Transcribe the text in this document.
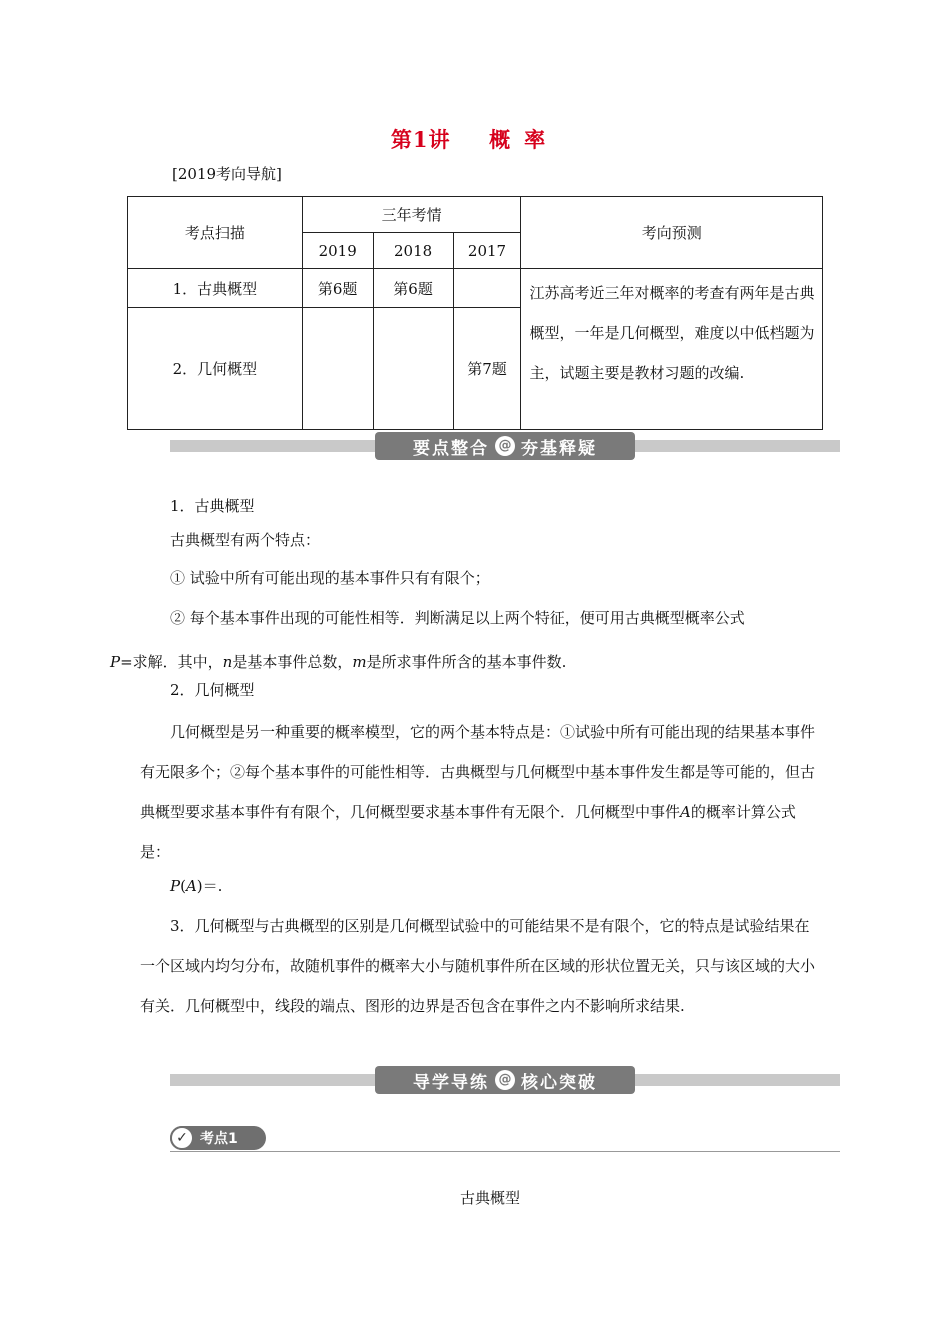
第1讲 概率
[2019考向导航]
考点扫描	三年考情			考向预测
	2019	2018	2017	
1．古典概型	第6题	第6题		江苏高考近三年对概率的考查有两年是古典概型，一年是几何概型，难度以中低档题为主，试题主要是教材习题的改编.
2．几何概型			第7题	
要点整合 @ 夯基释疑
1．古典概型
古典概型有两个特点：
① 试验中所有可能出现的基本事件只有有限个；
② 每个基本事件出现的可能性相等．判断满足以上两个特征，便可用古典概型概率公式
P=求解．其中，n是基本事件总数，m是所求事件所含的基本事件数.
2．几何概型
几何概型是另一种重要的概率模型，它的两个基本特点是：①试验中所有可能出现的结果基本事件有无限多个；②每个基本事件的可能性相等．古典概型与几何概型中基本事件发生都是等可能的，但古典概型要求基本事件有有限个，几何概型要求基本事件有无限个．几何概型中事件A的概率计算公式是：
P(A)＝.
3．几何概型与古典概型的区别是几何概型试验中的可能结果不是有限个，它的特点是试验结果在一个区域内均匀分布，故随机事件的概率大小与随机事件所在区域的形状位置无关，只与该区域的大小有关．几何概型中，线段的端点、图形的边界是否包含在事件之内不影响所求结果.
导学导练 @ 核心突破
✓ 考点1
古典概型
